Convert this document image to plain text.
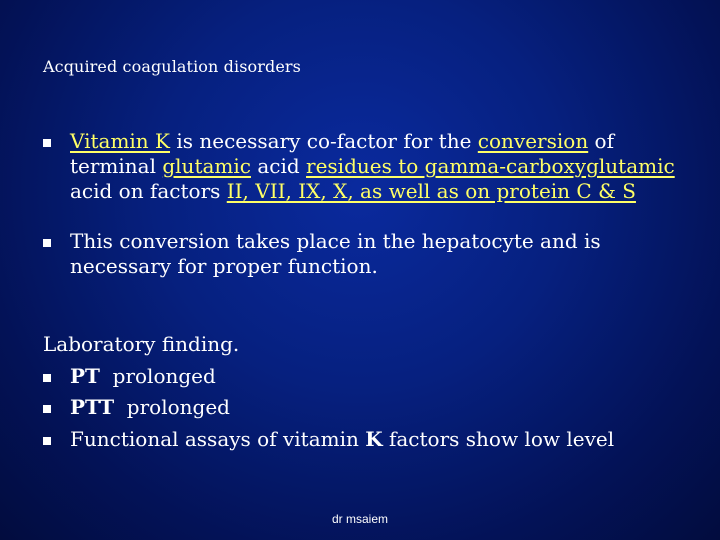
Acquired coagulation disorders
Vitamin K is necessary co-factor for the conversion of terminal glutamic acid residues to gamma-carboxyglutamic acid on factors II, VII, IX, X, as well as on protein C & S
This conversion takes place in the hepatocyte and is necessary for proper function.
Laboratory finding.
PT  prolonged
PTT  prolonged
Functional assays of vitamin K factors show low level
dr msaiem
